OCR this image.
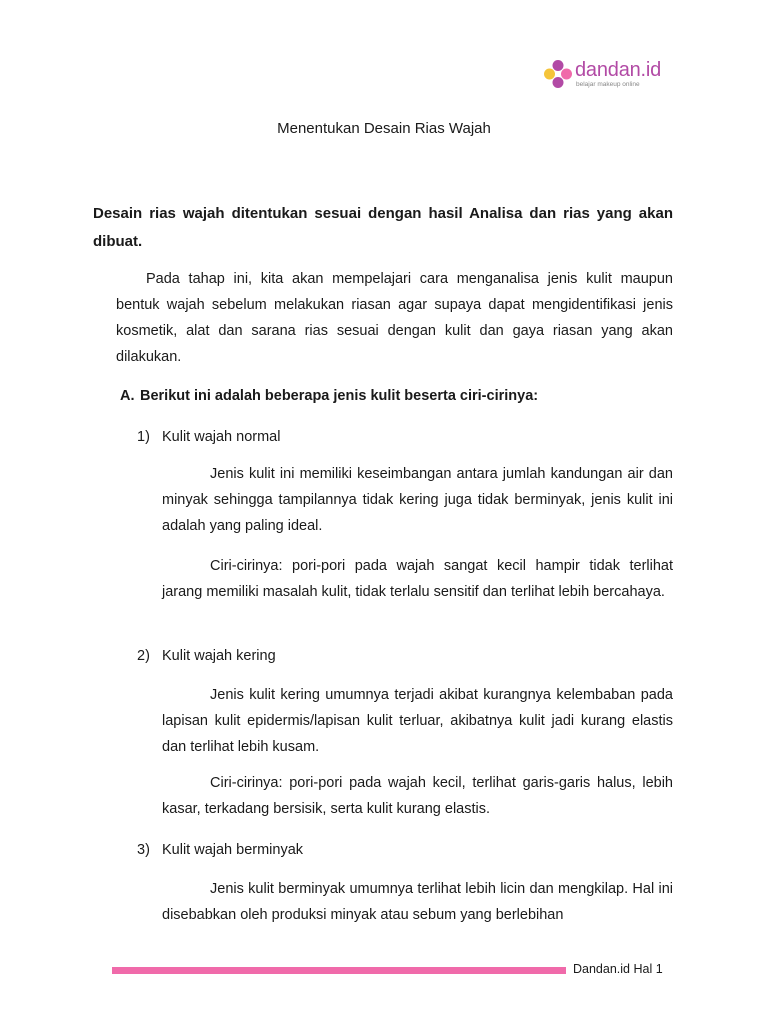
dandan.id
belajar makeup online
Menentukan Desain Rias Wajah
Desain rias wajah ditentukan sesuai dengan hasil Analisa dan rias yang akan dibuat.
Pada tahap ini, kita akan mempelajari cara menganalisa jenis kulit maupun bentuk wajah sebelum melakukan riasan agar supaya dapat mengidentifikasi jenis kosmetik, alat dan sarana rias sesuai dengan kulit dan gaya riasan yang akan dilakukan.
A. Berikut ini adalah beberapa jenis kulit beserta ciri-cirinya:
1) Kulit wajah normal
Jenis kulit ini memiliki keseimbangan antara jumlah kandungan air dan minyak sehingga tampilannya tidak kering juga tidak berminyak, jenis kulit ini adalah yang paling ideal.
Ciri-cirinya: pori-pori pada wajah sangat kecil hampir tidak terlihat jarang memiliki masalah kulit, tidak terlalu sensitif dan terlihat lebih bercahaya.
2) Kulit wajah kering
Jenis kulit kering umumnya terjadi akibat kurangnya kelembaban pada lapisan kulit epidermis/lapisan kulit terluar, akibatnya kulit jadi kurang elastis dan terlihat lebih kusam.
Ciri-cirinya: pori-pori pada wajah kecil, terlihat garis-garis halus, lebih kasar, terkadang bersisik, serta kulit kurang elastis.
3) Kulit wajah berminyak
Jenis kulit berminyak umumnya terlihat lebih licin dan mengkilap. Hal ini disebabkan oleh produksi minyak atau sebum yang berlebihan
Dandan.id Hal 1
